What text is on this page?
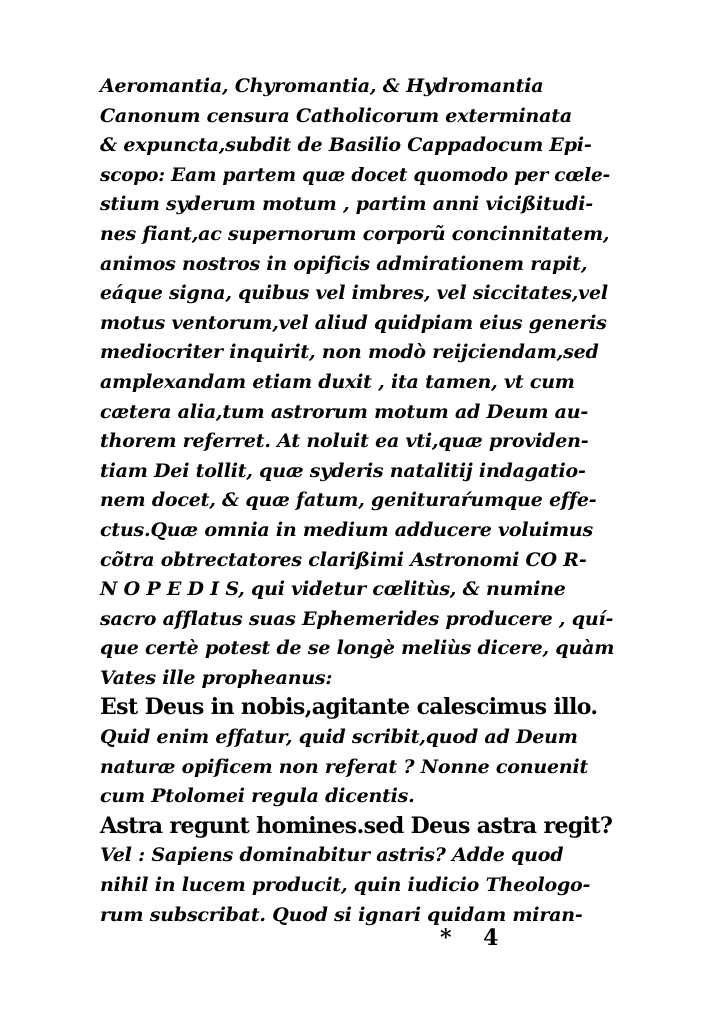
Aeromantia, Chyromantia, & Hydromantia
Canonum censura Catholicorum exterminata
& expuncta,subdit de Basilio Cappadocum Epi-
scopo: Eam partem quæ docet quomodo per cœle-
stium syderum motum , partim anni vicißitudi-
nes fiant,ac supernorum corporũ concinnitatem,
animos nostros in opificis admirationem rapit,
eáque signa, quibus vel imbres, vel siccitates,vel
motus ventorum,vel aliud quidpiam eius generis
mediocriter inquirit, non modò reijciendam,sed
amplexandam etiam duxit , ita tamen, vt cum
cætera alia,tum astrorum motum ad Deum au-
thorem referret. At noluit ea vti,quæ providen-
tiam Dei tollit, quæ syderis natalitij indagatio-
nem docet, & quæ fatum, genituraŕumque effe-
ctus.Quæ omnia in medium adducere voluimus
cõtra obtrectatores clarißimi Astronomi CO R-
N O P E D I S, qui videtur cœlitùs, & numine
sacro afflatus suas Ephemerides producere , quí-
que certè potest de se longè meliùs dicere, quàm
Vates ille propheanus:
Est Deus in nobis,agitante calescimus illo.
Quid enim effatur, quid scribit,quod ad Deum
naturæ opificem non referat ? Nonne conuenit
cum Ptolomei regula dicentis.
Astra regunt homines.sed Deus astra regit?
Vel : Sapiens dominabitur astris? Adde quod
nihil in lucem producit, quin iudicio Theologo-
rum subscribat. Quod si ignari quidam miran-
* 4
